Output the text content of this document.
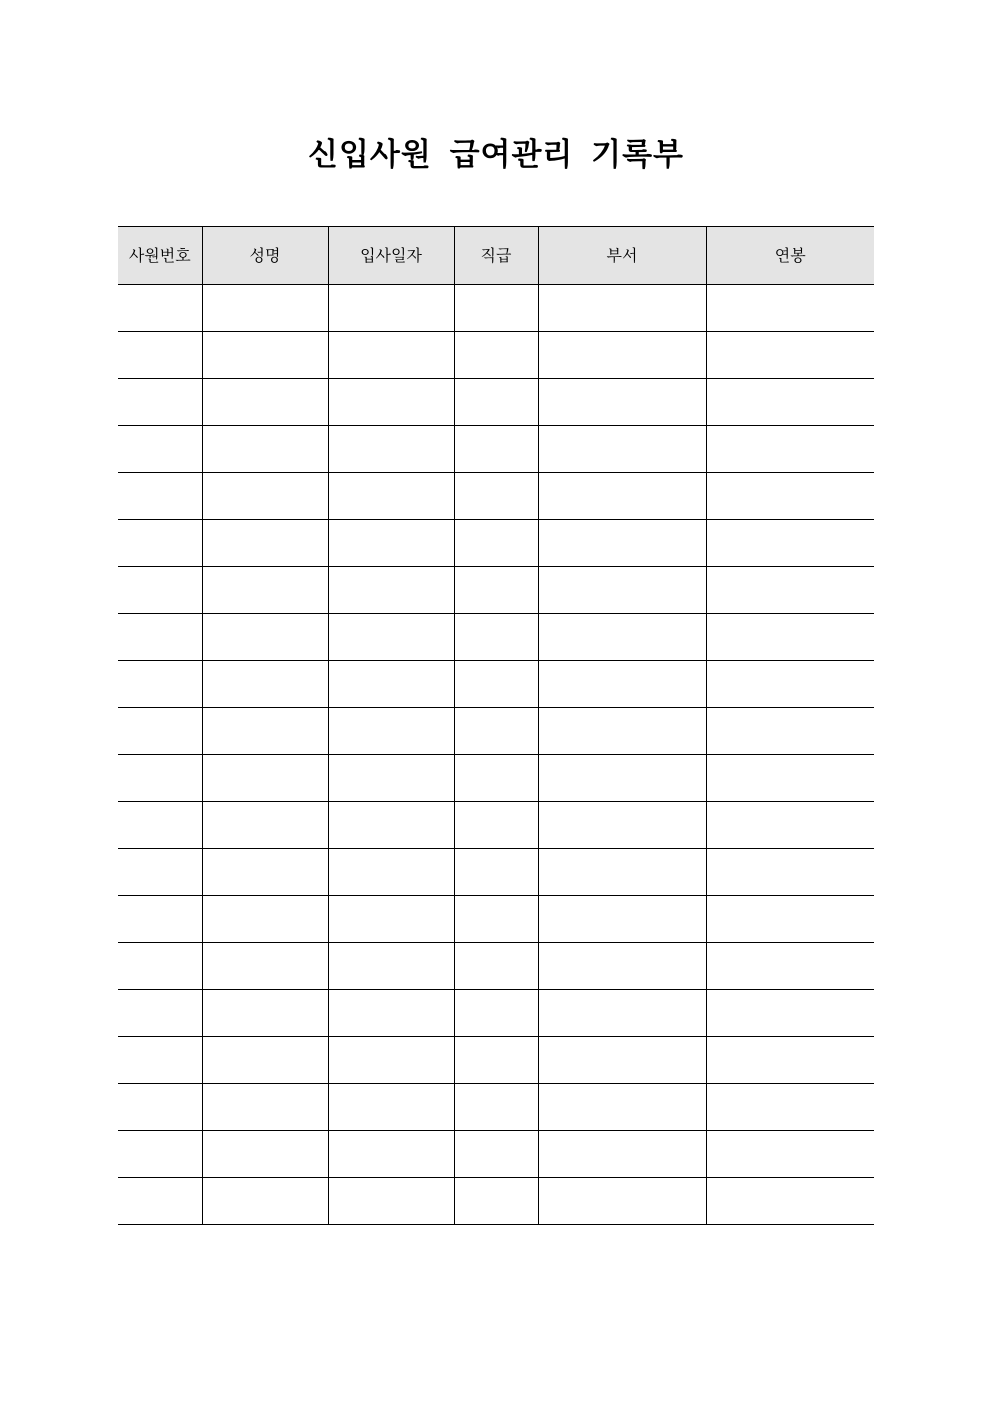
신입사원 급여관리 기록부
사원번호	성명	입사일자	직급	부서	연봉
